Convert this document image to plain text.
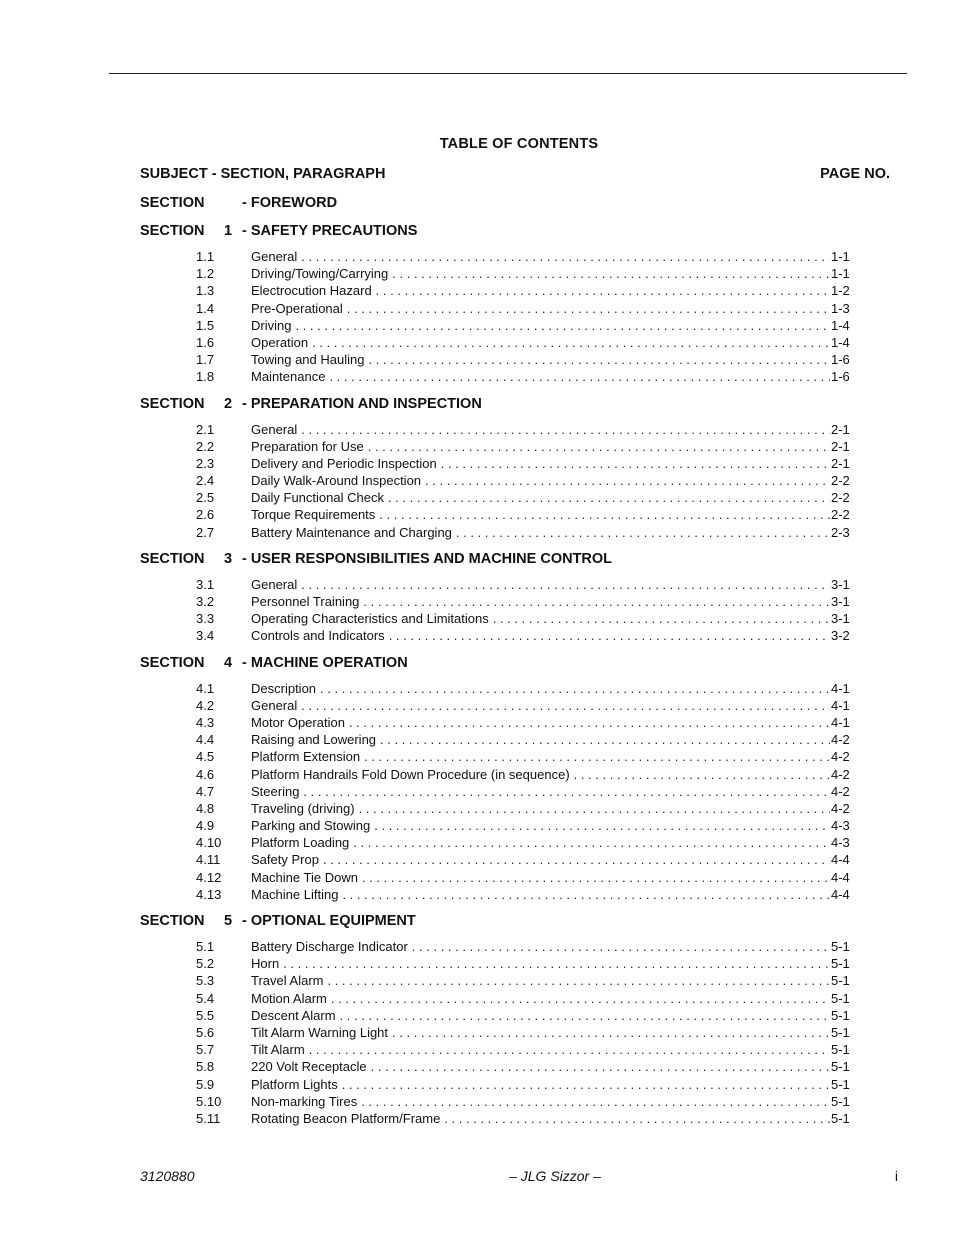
TABLE OF CONTENTS
SUBJECT - SECTION, PARAGRAPH	PAGE NO.
SECTION	- FOREWORD
SECTION	1 - SAFETY PRECAUTIONS
1.1	General . . .	1-1
1.2	Driving/Towing/Carrying . . .	1-1
1.3	Electrocution Hazard . . .	1-2
1.4	Pre-Operational . . .	1-3
1.5	Driving . . .	1-4
1.6	Operation . . .	1-4
1.7	Towing and Hauling . . .	1-6
1.8	Maintenance . . .	1-6
SECTION	2 - PREPARATION AND INSPECTION
2.1	General . . .	2-1
2.2	Preparation for Use . . .	2-1
2.3	Delivery and Periodic Inspection . . .	2-1
2.4	Daily Walk-Around Inspection . . .	2-2
2.5	Daily Functional Check . . .	2-2
2.6	Torque Requirements . . .	2-2
2.7	Battery Maintenance and Charging . . .	2-3
SECTION	3 - USER RESPONSIBILITIES AND MACHINE CONTROL
3.1	General . . .	3-1
3.2	Personnel Training . . .	3-1
3.3	Operating Characteristics and Limitations . . .	3-1
3.4	Controls and Indicators . . .	3-2
SECTION	4 - MACHINE OPERATION
4.1	Description . . .	4-1
4.2	General . . .	4-1
4.3	Motor Operation . . .	4-1
4.4	Raising and Lowering . . .	4-2
4.5	Platform Extension . . .	4-2
4.6	Platform Handrails Fold Down Procedure (in sequence) . . .	4-2
4.7	Steering . . .	4-2
4.8	Traveling (driving) . . .	4-2
4.9	Parking and Stowing . . .	4-3
4.10	Platform Loading . . .	4-3
4.11	Safety Prop . . .	4-4
4.12	Machine Tie Down . . .	4-4
4.13	Machine Lifting . . .	4-4
SECTION	5 - OPTIONAL EQUIPMENT
5.1	Battery Discharge Indicator . . .	5-1
5.2	Horn . . .	5-1
5.3	Travel Alarm . . .	5-1
5.4	Motion Alarm . . .	5-1
5.5	Descent Alarm . . .	5-1
5.6	Tilt Alarm Warning Light . . .	5-1
5.7	Tilt Alarm . . .	5-1
5.8	220 Volt Receptacle . . .	5-1
5.9	Platform Lights . . .	5-1
5.10	Non-marking Tires . . .	5-1
5.11	Rotating Beacon Platform/Frame . . .	5-1
3120880	– JLG Sizzor –	i
